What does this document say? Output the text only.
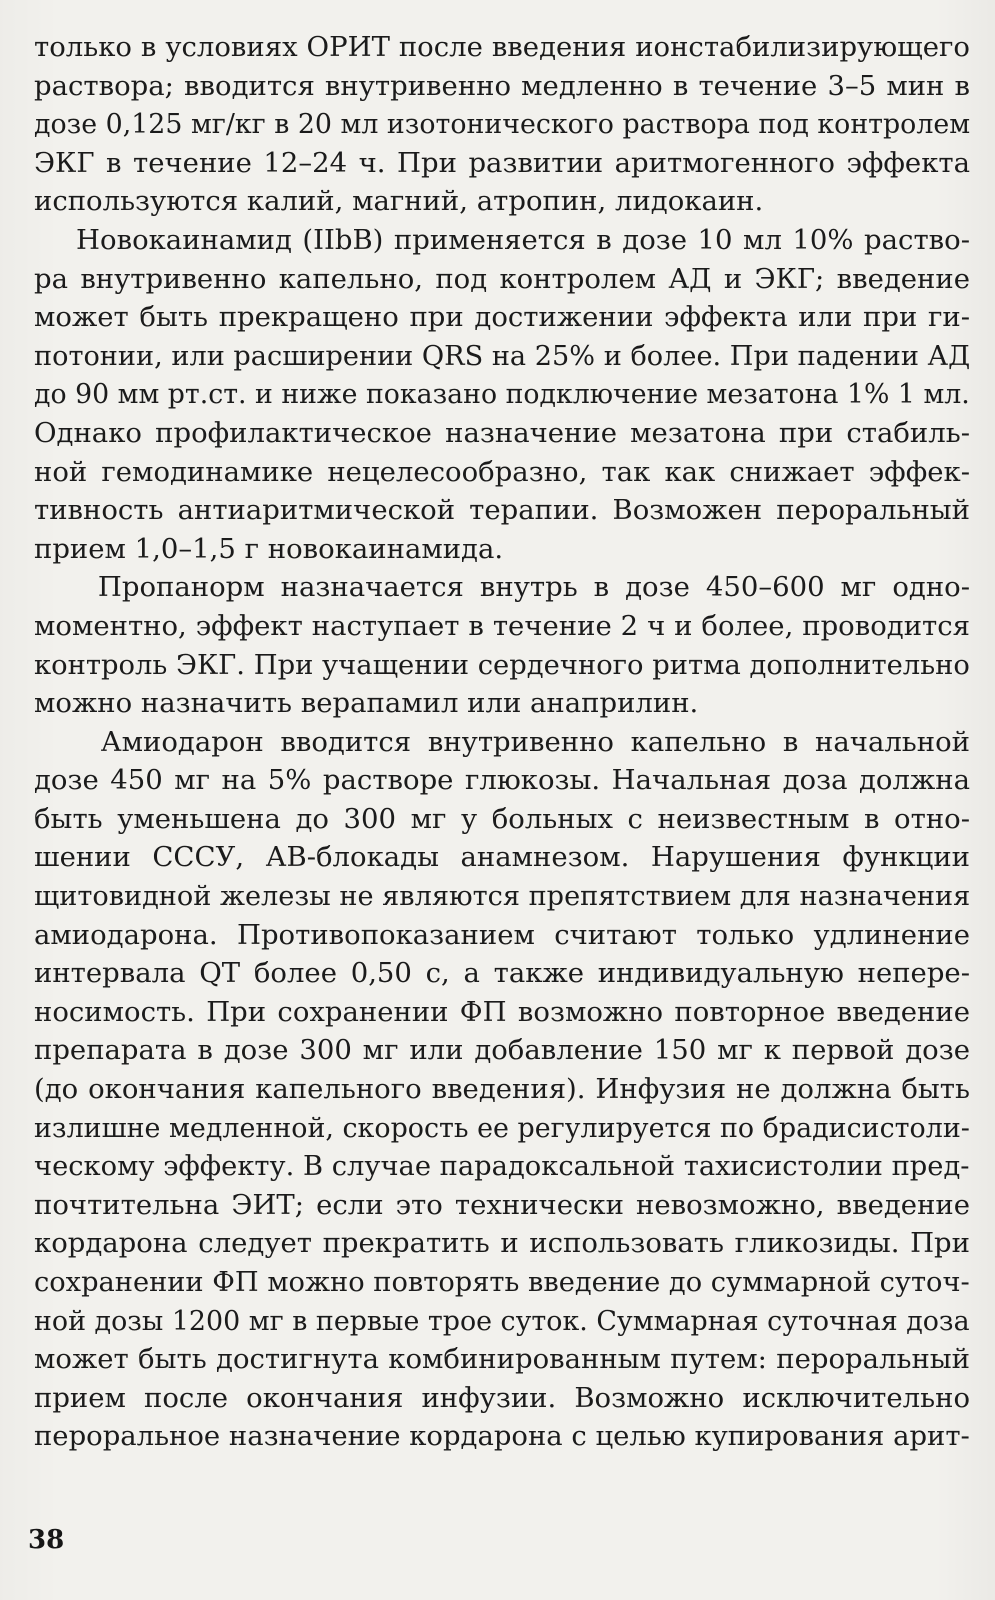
только в условиях ОРИТ после введения ионстабилизирующего
раствора; вводится внутривенно медленно в течение 3–5 мин в
дозе 0,125 мг/кг в 20 мл изотонического раствора под контролем
ЭКГ в течение 12–24 ч. При развитии аритмогенного эффекта
используются калий, магний, атропин, лидокаин.
Новокаинамид (IIbB) применяется в дозе 10 мл 10% раство-
ра внутривенно капельно, под контролем АД и ЭКГ; введение
может быть прекращено при достижении эффекта или при ги-
потонии, или расширении QRS на 25% и более. При падении АД
до 90 мм рт.ст. и ниже показано подключение мезатона 1% 1 мл.
Однако профилактическое назначение мезатона при стабиль-
ной гемодинамике нецелесообразно, так как снижает эффек-
тивность антиаритмической терапии. Возможен пероральный
прием 1,0–1,5 г новокаинамида.
Пропанорм назначается внутрь в дозе 450–600 мг одно-
моментно, эффект наступает в течение 2 ч и более, проводится
контроль ЭКГ. При учащении сердечного ритма дополнительно
можно назначить верапамил или анаприлин.
Амиодарон вводится внутривенно капельно в начальной
дозе 450 мг на 5% растворе глюкозы. Начальная доза должна
быть уменьшена до 300 мг у больных с неизвестным в отно-
шении СССУ, АВ-блокады анамнезом. Нарушения функции
щитовидной железы не являются препятствием для назначения
амиодарона. Противопоказанием считают только удлинение
интервала QT более 0,50 с, а также индивидуальную непере-
носимость. При сохранении ФП возможно повторное введение
препарата в дозе 300 мг или добавление 150 мг к первой дозе
(до окончания капельного введения). Инфузия не должна быть
излишне медленной, скорость ее регулируется по брадисистоли-
ческому эффекту. В случае парадоксальной тахисистолии пред-
почтительна ЭИТ; если это технически невозможно, введение
кордарона следует прекратить и использовать гликозиды. При
сохранении ФП можно повторять введение до суммарной суточ-
ной дозы 1200 мг в первые трое суток. Суммарная суточная доза
может быть достигнута комбинированным путем: пероральный
прием после окончания инфузии. Возможно исключительно
пероральное назначение кордарона с целью купирования арит-
38
